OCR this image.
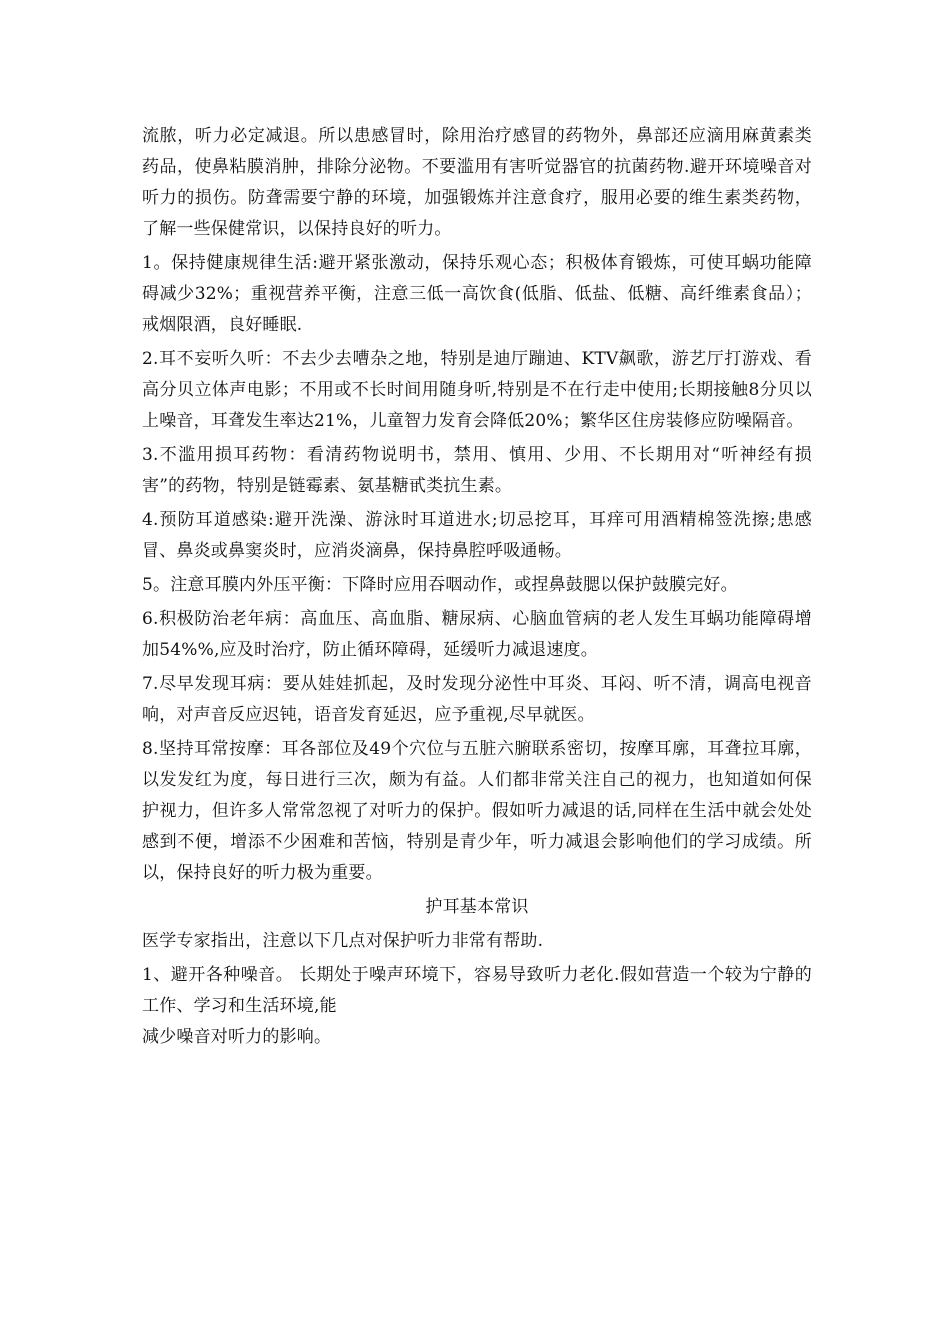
流脓，听力必定减退。所以患感冒时，除用治疗感冒的药物外，鼻部还应滴用麻黄素类药品，使鼻粘膜消肿，排除分泌物。不要滥用有害听觉器官的抗菌药物.避开环境噪音对听力的损伤。防聋需要宁静的环境，加强锻炼并注意食疗，服用必要的维生素类药物，了解一些保健常识，以保持良好的听力。

1。保持健康规律生活:避开紧张激动，保持乐观心态；积极体育锻炼，可使耳蜗功能障碍减少32%；重视营养平衡，注意三低一高饮食(低脂、低盐、低糖、高纤维素食品）；戒烟限酒，良好睡眠.

2.耳不妄听久听：不去少去嘈杂之地，特别是迪厅蹦迪、KTV飙歌，游艺厅打游戏、看高分贝立体声电影；不用或不长时间用随身听,特别是不在行走中使用;长期接触8分贝以上噪音，耳聋发生率达21%，儿童智力发育会降低20%；繁华区住房装修应防噪隔音。

3.不滥用损耳药物：看清药物说明书，禁用、慎用、少用、不长期用对“听神经有损害”的药物，特别是链霉素、氨基糖甙类抗生素。

4.预防耳道感染:避开洗澡、游泳时耳道进水;切忌挖耳，耳痒可用酒精棉签洗擦;患感冒、鼻炎或鼻窦炎时，应消炎滴鼻，保持鼻腔呼吸通畅。

5。注意耳膜内外压平衡：下降时应用吞咽动作，或捏鼻鼓腮以保护鼓膜完好。

6.积极防治老年病：高血压、高血脂、糖尿病、心脑血管病的老人发生耳蜗功能障碍增加54%%,应及时治疗，防止循环障碍，延缓听力减退速度。

7.尽早发现耳病：要从娃娃抓起，及时发现分泌性中耳炎、耳闷、听不清，调高电视音响，对声音反应迟钝，语音发育延迟，应予重视,尽早就医。

8.坚持耳常按摩：耳各部位及49个穴位与五脏六腑联系密切，按摩耳廓，耳聋拉耳廓，以发发红为度，每日进行三次，颇为有益。人们都非常关注自己的视力，也知道如何保护视力，但许多人常常忽视了对听力的保护。假如听力减退的话,同样在生活中就会处处感到不便，增添不少困难和苦恼，特别是青少年，听力减退会影响他们的学习成绩。所以，保持良好的听力极为重要。

护耳基本常识

医学专家指出，注意以下几点对保护听力非常有帮助.

1、避开各种噪音。 长期处于噪声环境下，容易导致听力老化.假如营造一个较为宁静的工作、学习和生活环境,能
减少噪音对听力的影响。
